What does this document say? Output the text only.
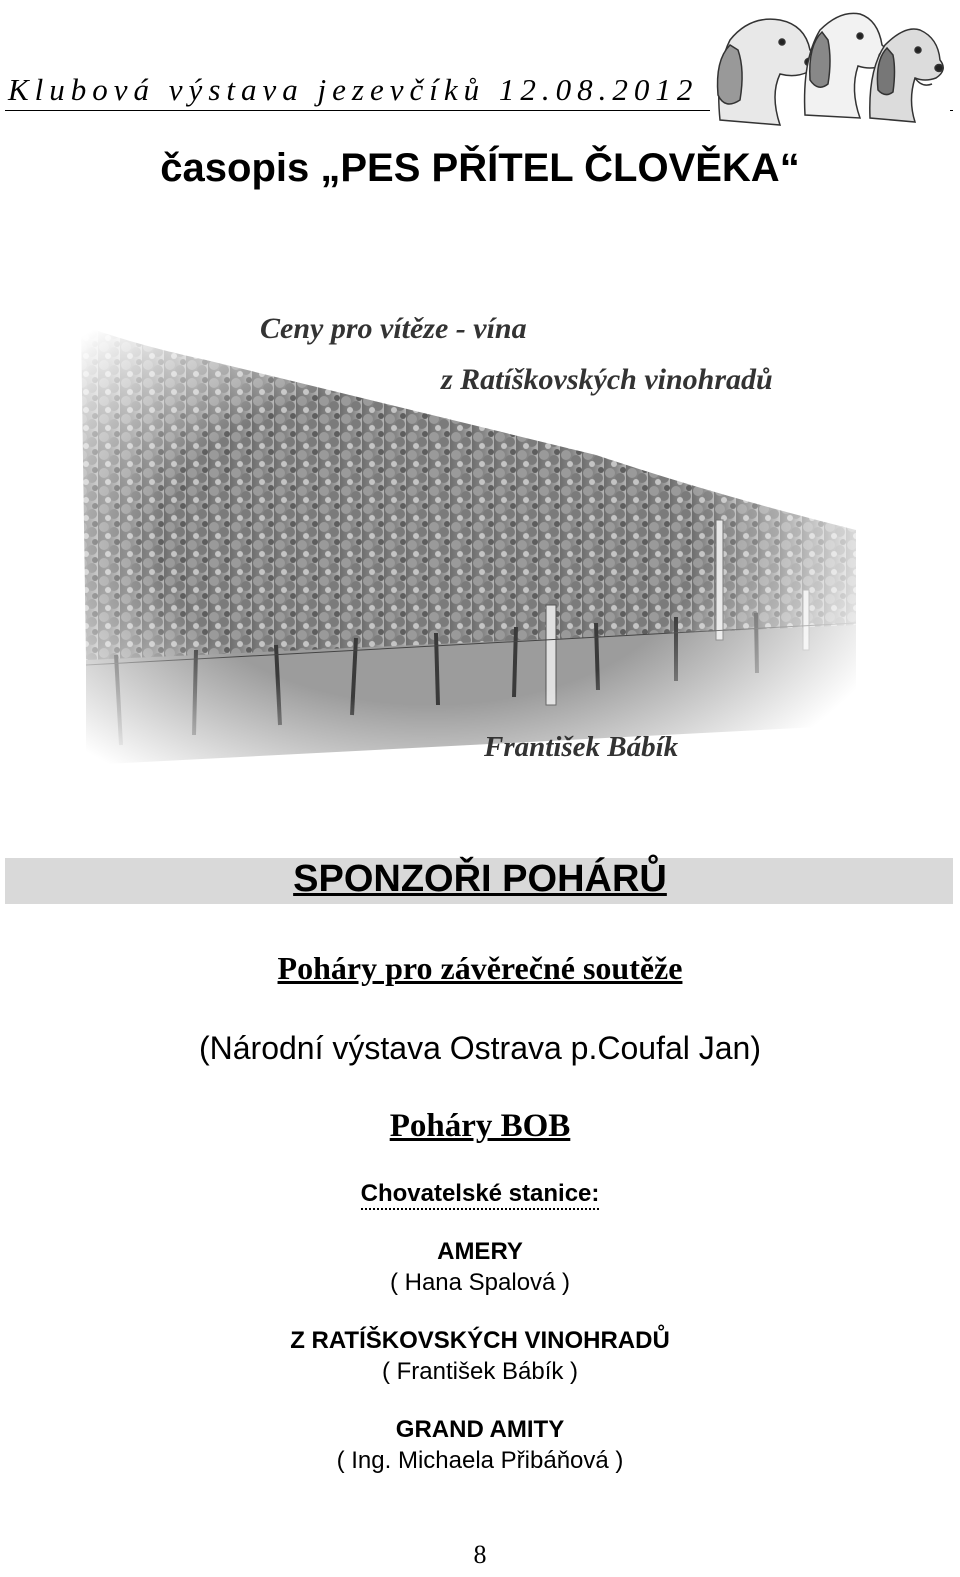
Klubová výstava jezevčíků 12.08.2012
časopis „PES PŘÍTEL ČLOVĚKA“
Ceny pro vítěze - vína
z Ratíškovských vinohradů
František Bábík
SPONZOŘI POHÁRŮ
Poháry pro závěrečné soutěže
(Národní výstava Ostrava p.Coufal Jan)
Poháry BOB
Chovatelské stanice:
AMERY
( Hana Spalová )
Z RATÍŠKOVSKÝCH VINOHRADŮ
( František Bábík )
GRAND AMITY
( Ing. Michaela Přibáňová )
8
